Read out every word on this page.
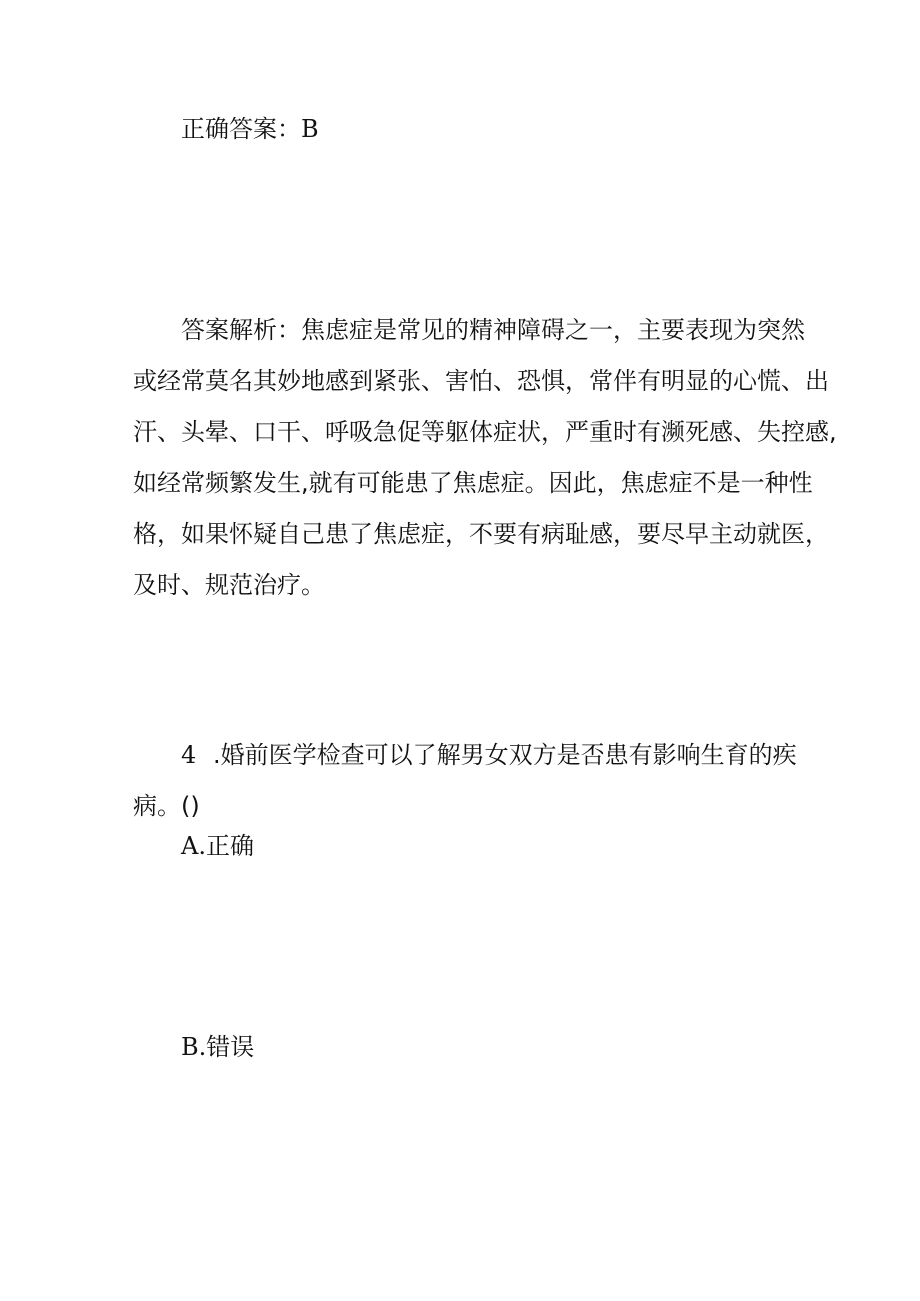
正确答案：B

答案解析：焦虑症是常见的精神障碍之一，主要表现为突然
或经常莫名其妙地感到紧张、害怕、恐惧，常伴有明显的心慌、出
汗、头晕、口干、呼吸急促等躯体症状，严重时有濒死感、失控感,
如经常频繁发生,就有可能患了焦虑症。因此，焦虑症不是一种性
格，如果怀疑自己患了焦虑症，不要有病耻感，要尽早主动就医，
及时、规范治疗。

4 .婚前医学检查可以了解男女双方是否患有影响生育的疾
病。()
A.正确
B.错误
